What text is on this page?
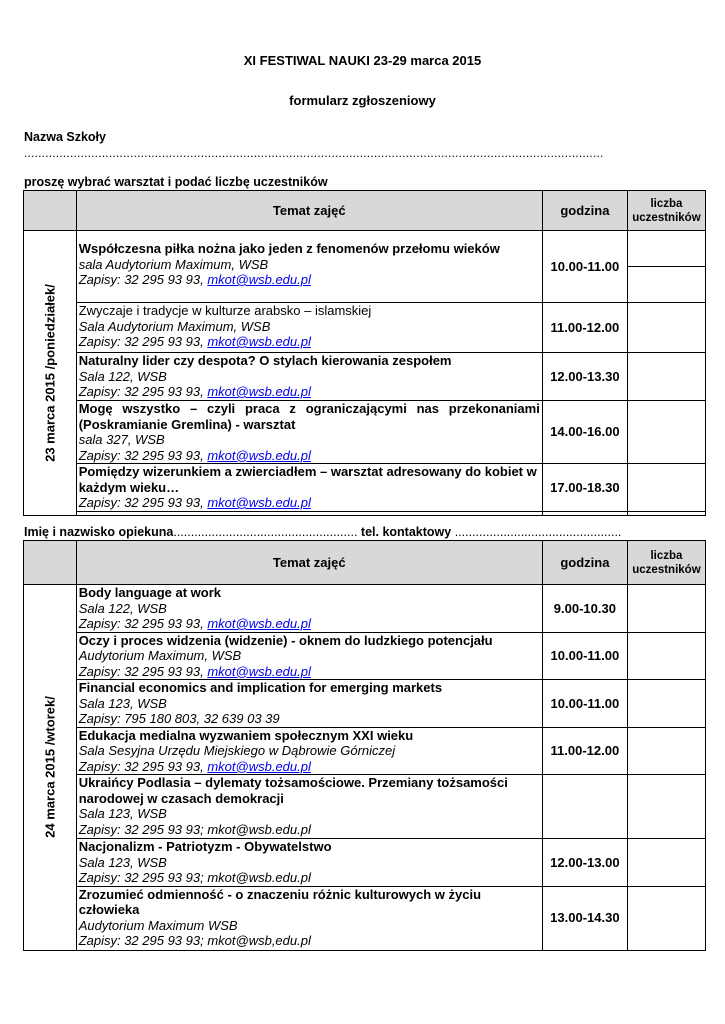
XI FESTIWAL NAUKI 23-29 marca 2015
formularz zgłoszeniowy
Nazwa Szkoły
....................................................................................................................................................................
proszę wybrać warsztat i podać liczbę uczestników
	Temat zajęć	godzina	liczba uczestników

23 marca 2015 /poniedziałek/	Współczesna piłka nożna jako jeden z fenomenów przełomu wieków
sala Audytorium Maximum, WSB
Zapisy: 32 295 93 93, mkot@wsb.edu.pl	10.00-11.00	

	Zwyczaje i tradycje w kulturze arabsko – islamskiej
Sala Audytorium Maximum, WSB
Zapisy: 32 295 93 93, mkot@wsb.edu.pl	11.00-12.00	

	Naturalny lider czy despota? O stylach kierowania zespołem
Sala 122, WSB
Zapisy: 32 295 93 93, mkot@wsb.edu.pl	12.00-13.30	

	Mogę wszystko – czyli praca z ograniczającymi nas przekonaniami (Poskramianie Gremlina) - warsztat
sala 327, WSB
Zapisy: 32 295 93 93, mkot@wsb.edu.pl	14.00-16.00	

	Pomiędzy wizerunkiem a zwierciadłem – warsztat adresowany do kobiet w każdym wieku…
Zapisy: 32 295 93 93, mkot@wsb.edu.pl	17.00-18.30	

Imię i nazwisko opiekuna..................................................... tel. kontaktowy ................................................
	Temat zajęć	godzina	liczba uczestników

24 marca 2015 /wtorek/	Body language at work
Sala 122, WSB
Zapisy: 32 295 93 93, mkot@wsb.edu.pl	9.00-10.30	

	Oczy i proces widzenia (widzenie) - oknem do ludzkiego potencjału
Audytorium Maximum, WSB
Zapisy: 32 295 93 93, mkot@wsb.edu.pl	10.00-11.00	

	Financial economics and implication for emerging markets
Sala 123, WSB
Zapisy: 795 180 803, 32 639 03 39	10.00-11.00	

	Edukacja medialna wyzwaniem społecznym XXI wieku
Sala Sesyjna Urzędu Miejskiego w Dąbrowie Górniczej
Zapisy: 32 295 93 93, mkot@wsb.edu.pl	11.00-12.00	

	Ukraińcy Podlasia – dylematy tożsamościowe. Przemiany tożsamości narodowej w czasach demokracji
Sala 123, WSB
Zapisy: 32 295 93 93; mkot@wsb.edu.pl		

	Nacjonalizm - Patriotyzm - Obywatelstwo
Sala 123, WSB
Zapisy: 32 295 93 93; mkot@wsb.edu.pl	12.00-13.00	

	Zrozumieć odmienność - o znaczeniu różnic kulturowych w życiu człowieka
Audytorium Maximum WSB
Zapisy: 32 295 93 93; mkot@wsb,edu.pl	13.00-14.30	
